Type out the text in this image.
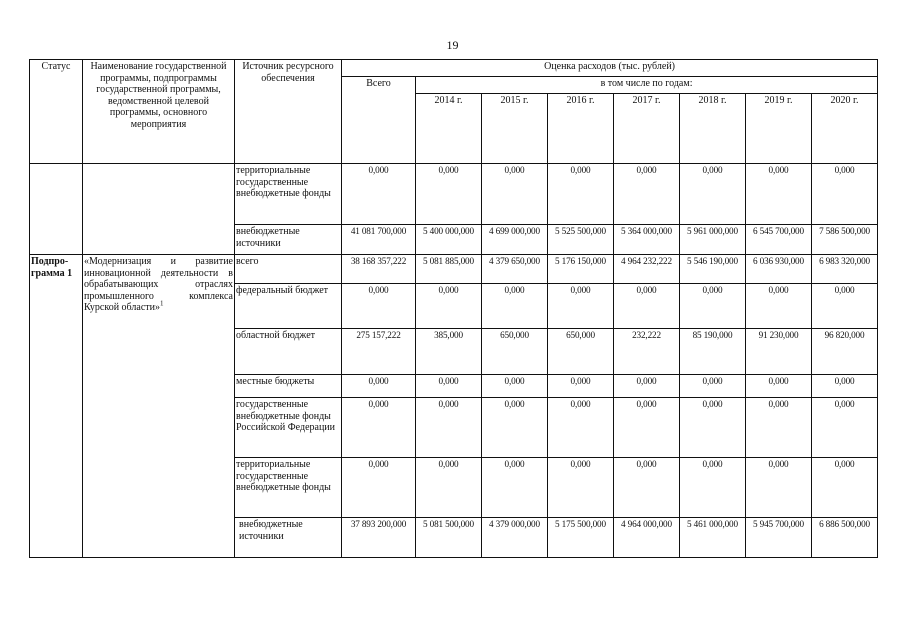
19
Статус	Наименование государственной программы, подпрограммы государственной программы, ведомственной целевой программы, основного мероприятия	Источник ресурсного обеспечения	Оценка расходов (тыс. рублей)							
			Всего	в том числе по годам:						
				2014 г.	2015 г.	2016 г.	2017 г.	2018 г.	2019 г.	2020 г.
		территориальные государственные внебюджетные фонды	0,000	0,000	0,000	0,000	0,000	0,000	0,000	0,000
		внебюджетные источники	41 081 700,000	5 400 000,000	4 699 000,000	5 525 500,000	5 364 000,000	5 961 000,000	6 545 700,000	7 586 500,000
Подпро-грамма 1	«Модернизация и развитие инновационной деятельности в обрабатывающих отраслях промышленного комплекса Курской области»$^1$	всего	38 168 357,222	5 081 885,000	4 379 650,000	5 176 150,000	4 964 232,222	5 546 190,000	6 036 930,000	6 983 320,000
		федеральный бюджет	0,000	0,000	0,000	0,000	0,000	0,000	0,000	0,000
		областной бюджет	275 157,222	385,000	650,000	650,000	232,222	85 190,000	91 230,000	96 820,000
		местные бюджеты	0,000	0,000	0,000	0,000	0,000	0,000	0,000	0,000
		государственные внебюджетные фонды Российской Федерации	0,000	0,000	0,000	0,000	0,000	0,000	0,000	0,000
		территориальные государственные внебюджетные фонды	0,000	0,000	0,000	0,000	0,000	0,000	0,000	0,000
		внебюджетные источники	37 893 200,000	5 081 500,000	4 379 000,000	5 175 500,000	4 964 000,000	5 461 000,000	5 945 700,000	6 886 500,000
